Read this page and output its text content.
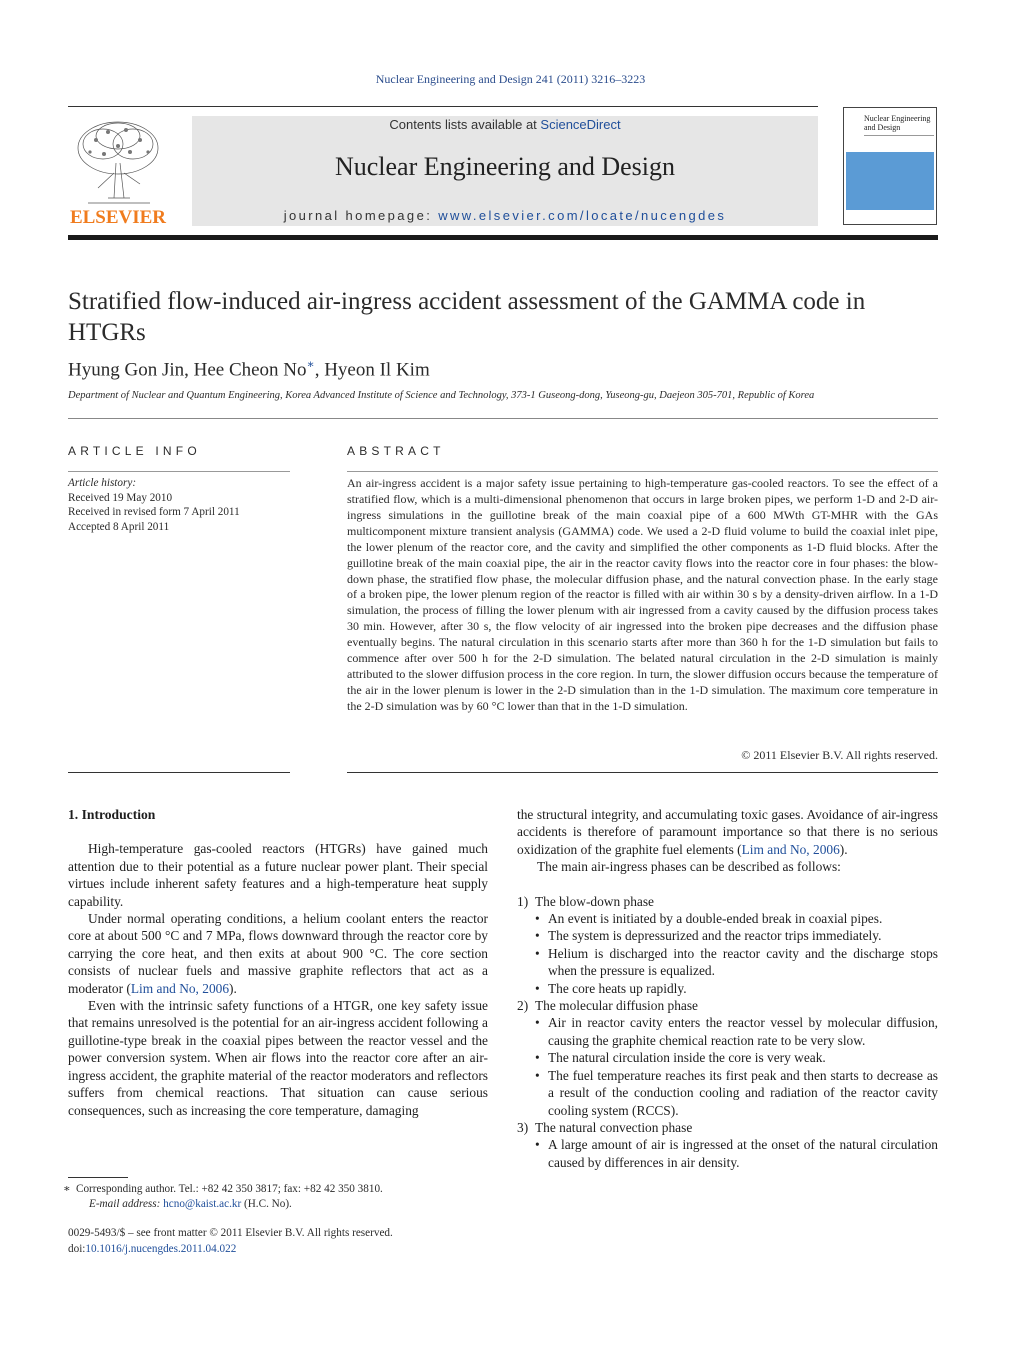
Nuclear Engineering and Design 241 (2011) 3216–3223
ELSEVIER
Contents lists available at ScienceDirect
Nuclear Engineering and Design
journal homepage: www.elsevier.com/locate/nucengdes
Nuclear Engineering and Design
Stratified flow-induced air-ingress accident assessment of the GAMMA code in HTGRs
Hyung Gon Jin, Hee Cheon No∗, Hyeon Il Kim
Department of Nuclear and Quantum Engineering, Korea Advanced Institute of Science and Technology, 373-1 Guseong-dong, Yuseong-gu, Daejeon 305-701, Republic of Korea
ARTICLE INFO
Article history:
Received 19 May 2010
Received in revised form 7 April 2011
Accepted 8 April 2011
ABSTRACT
An air-ingress accident is a major safety issue pertaining to high-temperature gas-cooled reactors. To see the effect of a stratified flow, which is a multi-dimensional phenomenon that occurs in large broken pipes, we perform 1-D and 2-D air-ingress simulations in the guillotine break of the main coaxial pipe of a 600 MWth GT-MHR with the GAs multicomponent mixture transient analysis (GAMMA) code. We used a 2-D fluid volume to build the coaxial inlet pipe, the lower plenum of the reactor core, and the cavity and simplified the other components as 1-D fluid blocks. After the guillotine break of the main coaxial pipe, the air in the reactor cavity flows into the reactor core in four phases: the blow-down phase, the stratified flow phase, the molecular diffusion phase, and the natural convection phase. In the early stage of a broken pipe, the lower plenum region of the reactor is filled with air within 30 s by a density-driven airflow. In a 1-D simulation, the process of filling the lower plenum with air ingressed from a cavity caused by the diffusion process takes 30 min. However, after 30 s, the flow velocity of air ingressed into the broken pipe decreases and the diffusion phase eventually begins. The natural circulation in this scenario starts after more than 360 h for the 1-D simulation but fails to commence after over 500 h for the 2-D simulation. The belated natural circulation in the 2-D simulation is mainly attributed to the slower diffusion process in the core region. In turn, the slower diffusion occurs because the temperature of the air in the lower plenum is lower in the 2-D simulation than in the 1-D simulation. The maximum core temperature in the 2-D simulation was by 60 °C lower than that in the 1-D simulation.
© 2011 Elsevier B.V. All rights reserved.
1. Introduction

High-temperature gas-cooled reactors (HTGRs) have gained much attention due to their potential as a future nuclear power plant. Their special virtues include inherent safety features and a high-temperature heat supply capability.

Under normal operating conditions, a helium coolant enters the reactor core at about 500 °C and 7 MPa, flows downward through the reactor core by carrying the core heat, and then exits at about 900 °C. The core section consists of nuclear fuels and massive graphite reflectors that act as a moderator (Lim and No, 2006).

Even with the intrinsic safety functions of a HTGR, one key safety issue that remains unresolved is the potential for an air-ingress accident following a guillotine-type break in the coaxial pipes between the reactor vessel and the power conversion system. When air flows into the reactor core after an air-ingress accident, the graphite material of the reactor moderators and reflectors suffers from chemical reactions. That situation can cause serious consequences, such as increasing the core temperature, damaging

the structural integrity, and accumulating toxic gases. Avoidance of air-ingress accidents is therefore of paramount importance so that there is no serious oxidization of the graphite fuel elements (Lim and No, 2006).

The main air-ingress phases can be described as follows:

1) The blow-down phase
• An event is initiated by a double-ended break in coaxial pipes.
• The system is depressurized and the reactor trips immediately.
• Helium is discharged into the reactor cavity and the discharge stops when the pressure is equalized.
• The core heats up rapidly.
2) The molecular diffusion phase
• Air in reactor cavity enters the reactor vessel by molecular diffusion, causing the graphite chemical reaction rate to be very slow.
• The natural circulation inside the core is very weak.
• The fuel temperature reaches its first peak and then starts to decrease as a result of the conduction cooling and radiation of the reactor cavity cooling system (RCCS).
3) The natural convection phase
• A large amount of air is ingressed at the onset of the natural circulation caused by differences in air density.
∗ Corresponding author. Tel.: +82 42 350 3817; fax: +82 42 350 3810.
E-mail address: hcno@kaist.ac.kr (H.C. No).
0029-5493/$ – see front matter © 2011 Elsevier B.V. All rights reserved.
doi:10.1016/j.nucengdes.2011.04.022
